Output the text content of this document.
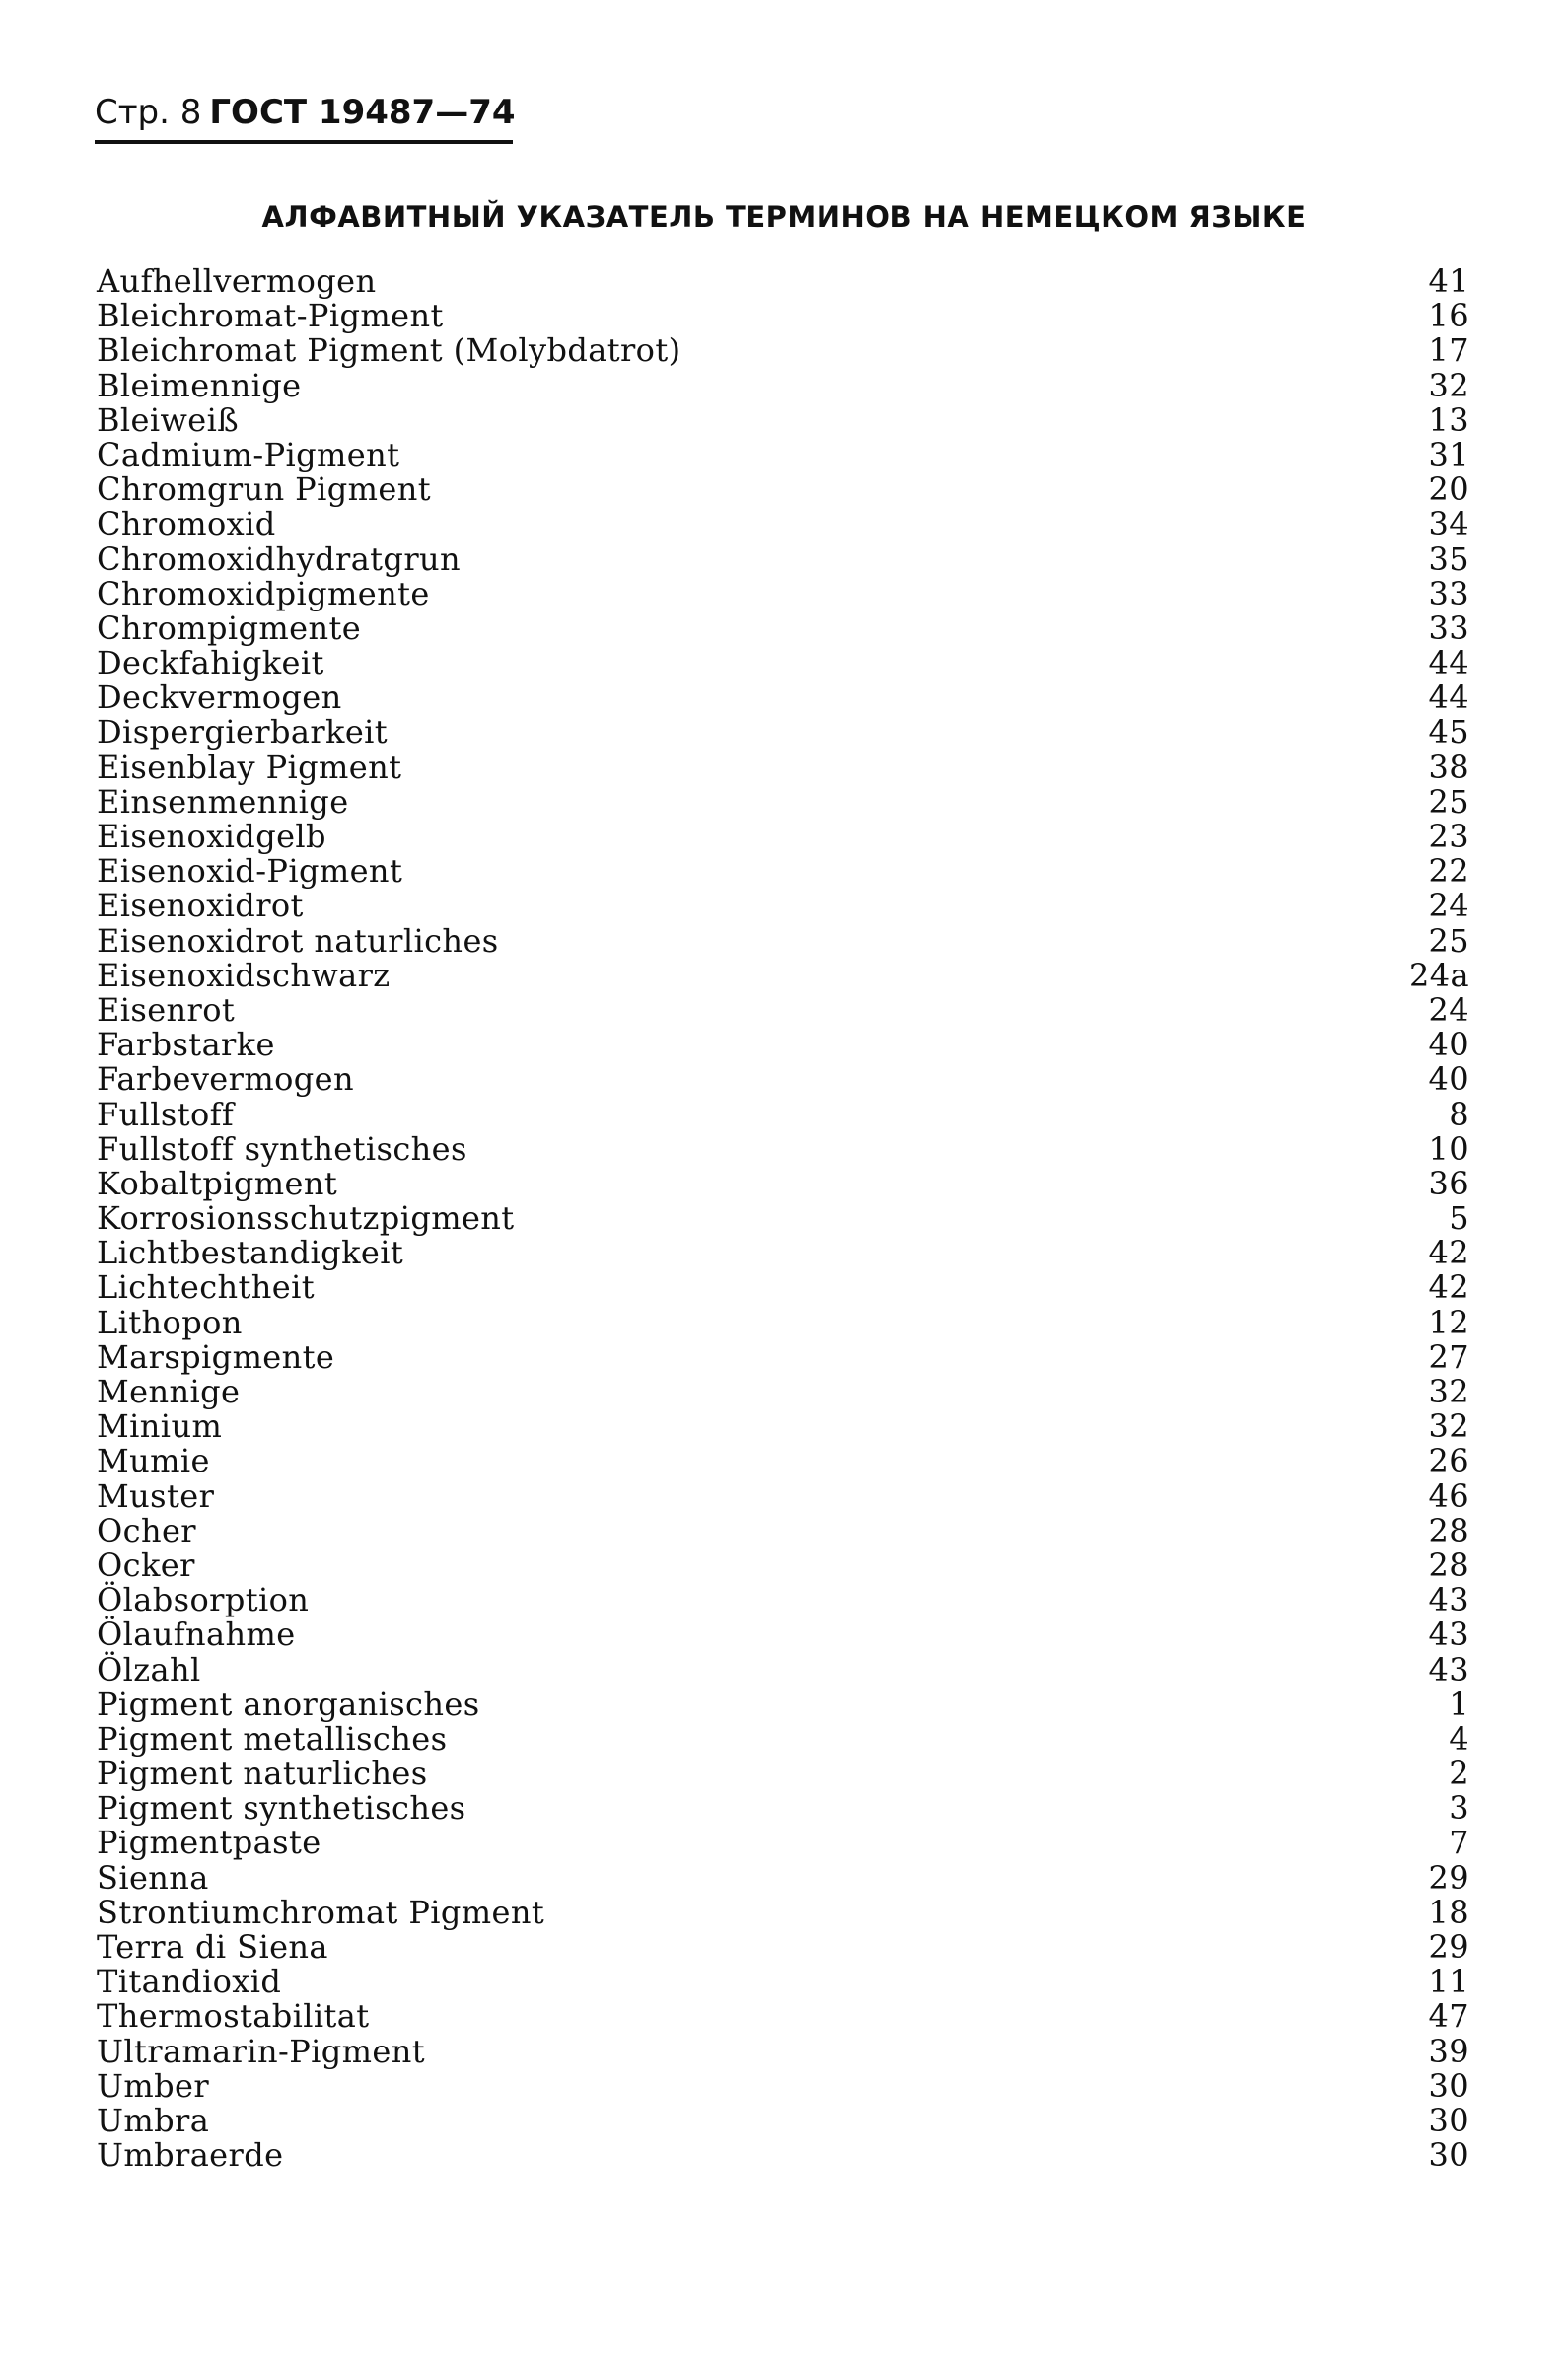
Стр. 8 ГОСТ 19487—74
АЛФАВИТНЫЙ УКАЗАТЕЛЬ ТЕРМИНОВ НА НЕМЕЦКОМ ЯЗЫКЕ
Aufhellvermogen	41
Bleichromat-Pigment	16
Bleichromat Pigment (Molybdatrot)	17
Bleimennige	32
Bleiweiß	13
Cadmium-Pigment	31
Chromgrun Pigment	20
Chromoxid	34
Chromoxidhydratgrun	35
Chromoxidpigmente	33
Chrompigmente	33
Deckfahigkeit	44
Deckvermogen	44
Dispergierbarkeit	45
Eisenblay Pigment	38
Einsenmennige	25
Eisenoxidgelb	23
Eisenoxid-Pigment	22
Eisenoxidrot	24
Eisenoxidrot naturliches	25
Eisenoxidschwarz	24a
Eisenrot	24
Farbstarke	40
Farbevermogen	40
Fullstoff	8
Fullstoff synthetisches	10
Kobaltpigment	36
Korrosionsschutzpigment	5
Lichtbestandigkeit	42
Lichtechtheit	42
Lithopon	12
Marspigmente	27
Mennige	32
Minium	32
Mumie	26
Muster	46
Ocher	28
Ocker	28
Ölabsorption	43
Ölaufnahme	43
Ölzahl	43
Pigment anorganisches	1
Pigment metallisches	4
Pigment naturliches	2
Pigment synthetisches	3
Pigmentpaste	7
Sienna	29
Strontiumchromat Pigment	18
Terra di Siena	29
Titandioxid	11
Thermostabilitat	47
Ultramarin-Pigment	39
Umber	30
Umbra	30
Umbraerde	30
